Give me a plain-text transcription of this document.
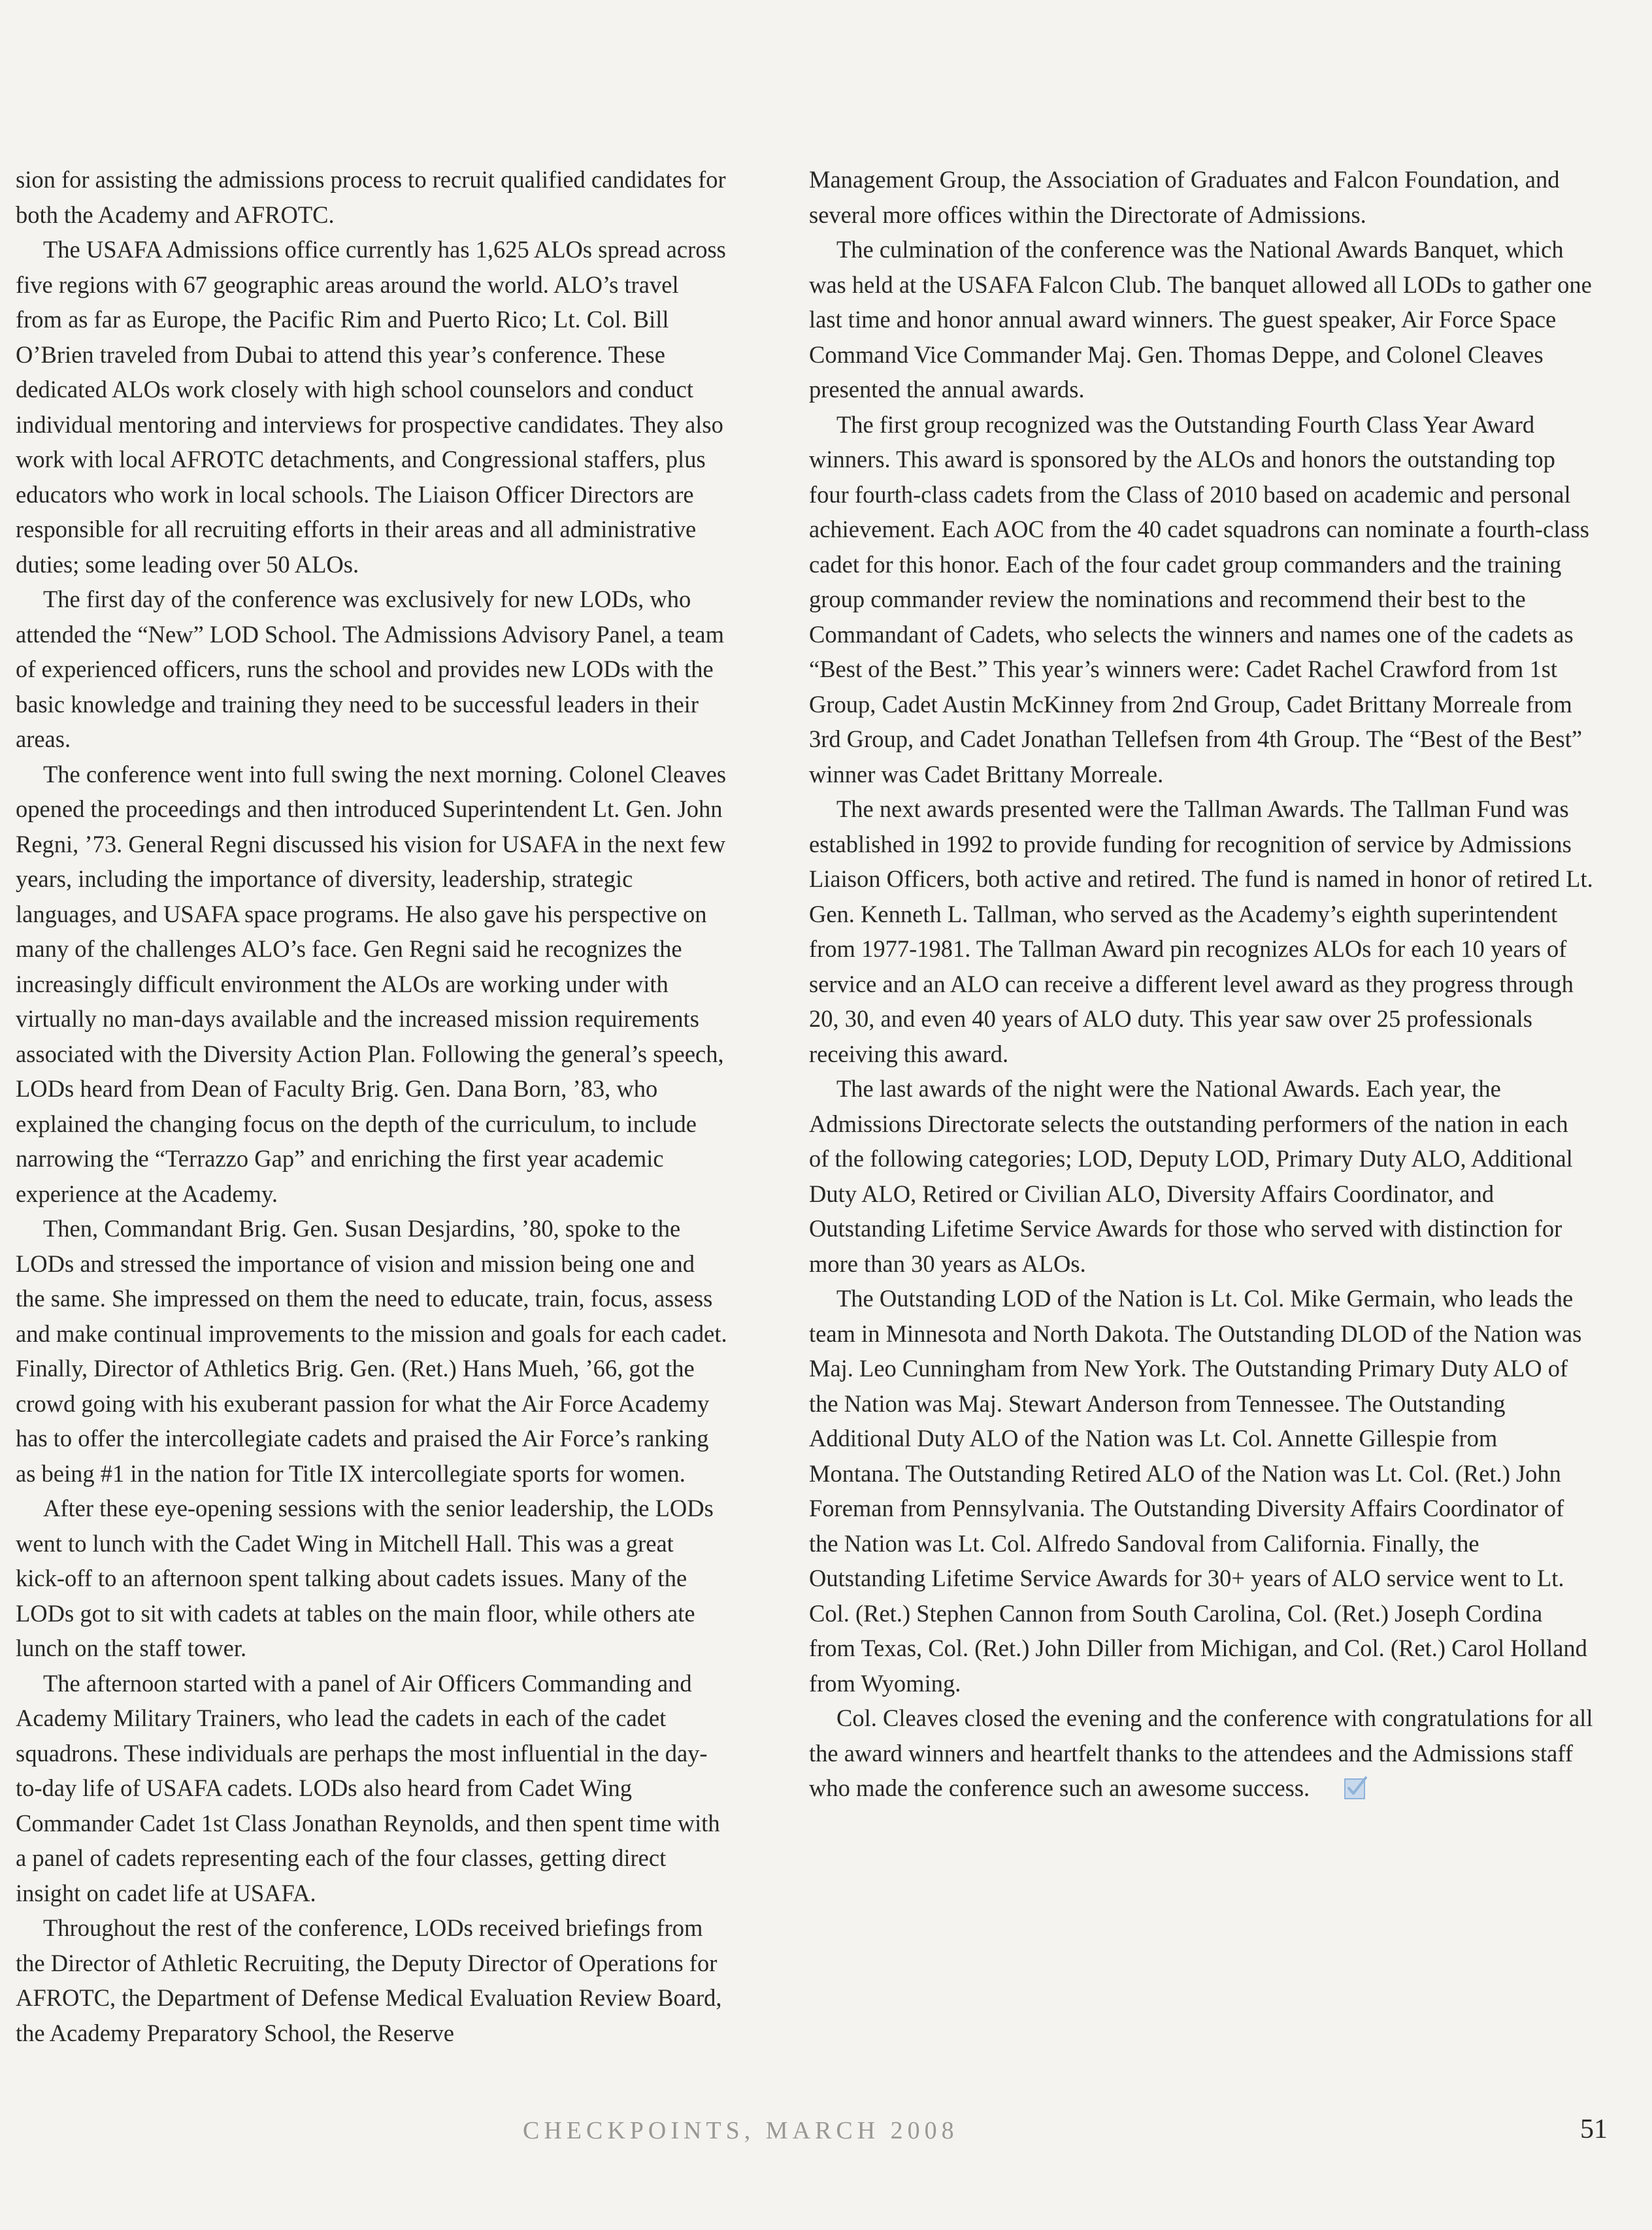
sion for assisting the admissions process to recruit qualified candidates for both the Academy and AFROTC.

The USAFA Admissions office currently has 1,625 ALOs spread across five regions with 67 geographic areas around the world. ALO’s travel from as far as Europe, the Pacific Rim and Puerto Rico; Lt. Col. Bill O’Brien traveled from Dubai to attend this year’s conference. These dedicated ALOs work closely with high school counselors and conduct individual mentoring and interviews for prospective candidates. They also work with local AFROTC detachments, and Congressional staffers, plus educators who work in local schools. The Liaison Officer Directors are responsible for all recruiting efforts in their areas and all administrative duties; some leading over 50 ALOs.

The first day of the conference was exclusively for new LODs, who attended the “New” LOD School. The Admissions Advisory Panel, a team of experienced officers, runs the school and provides new LODs with the basic knowledge and training they need to be successful leaders in their areas.

The conference went into full swing the next morning. Colonel Cleaves opened the proceedings and then introduced Superintendent Lt. Gen. John Regni, ’73. General Regni discussed his vision for USAFA in the next few years, including the importance of diversity, leadership, strategic languages, and USAFA space programs. He also gave his perspective on many of the challenges ALO’s face. Gen Regni said he recognizes the increasingly difficult environment the ALOs are working under with virtually no man-days available and the increased mission requirements associated with the Diversity Action Plan. Following the general’s speech, LODs heard from Dean of Faculty Brig. Gen. Dana Born, ’83, who explained the changing focus on the depth of the curriculum, to include narrowing the “Terrazzo Gap” and enriching the first year academic experience at the Academy.

Then, Commandant Brig. Gen. Susan Desjardins, ’80, spoke to the LODs and stressed the importance of vision and mission being one and the same. She impressed on them the need to educate, train, focus, assess and make continual improvements to the mission and goals for each cadet. Finally, Director of Athletics Brig. Gen. (Ret.) Hans Mueh, ’66, got the crowd going with his exuberant passion for what the Air Force Academy has to offer the intercollegiate cadets and praised the Air Force’s ranking as being #1 in the nation for Title IX intercollegiate sports for women.

After these eye-opening sessions with the senior leadership, the LODs went to lunch with the Cadet Wing in Mitchell Hall. This was a great kick-off to an afternoon spent talking about cadets issues. Many of the LODs got to sit with cadets at tables on the main floor, while others ate lunch on the staff tower.

The afternoon started with a panel of Air Officers Commanding and Academy Military Trainers, who lead the cadets in each of the cadet squadrons. These individuals are perhaps the most influential in the day-to-day life of USAFA cadets. LODs also heard from Cadet Wing Commander Cadet 1st Class Jonathan Reynolds, and then spent time with a panel of cadets representing each of the four classes, getting direct insight on cadet life at USAFA.

Throughout the rest of the conference, LODs received briefings from the Director of Athletic Recruiting, the Deputy Director of Operations for AFROTC, the Department of Defense Medical Evaluation Review Board, the Academy Preparatory School, the Reserve

Management Group, the Association of Graduates and Falcon Foundation, and several more offices within the Directorate of Admissions.

The culmination of the conference was the National Awards Banquet, which was held at the USAFA Falcon Club. The banquet allowed all LODs to gather one last time and honor annual award winners. The guest speaker, Air Force Space Command Vice Commander Maj. Gen. Thomas Deppe, and Colonel Cleaves presented the annual awards.

The first group recognized was the Outstanding Fourth Class Year Award winners. This award is sponsored by the ALOs and honors the outstanding top four fourth-class cadets from the Class of 2010 based on academic and personal achievement. Each AOC from the 40 cadet squadrons can nominate a fourth-class cadet for this honor. Each of the four cadet group commanders and the training group commander review the nominations and recommend their best to the Commandant of Cadets, who selects the winners and names one of the cadets as “Best of the Best.” This year’s winners were: Cadet Rachel Crawford from 1st Group, Cadet Austin McKinney from 2nd Group, Cadet Brittany Morreale from 3rd Group, and Cadet Jonathan Tellefsen from 4th Group. The “Best of the Best” winner was Cadet Brittany Morreale.

The next awards presented were the Tallman Awards. The Tallman Fund was established in 1992 to provide funding for recognition of service by Admissions Liaison Officers, both active and retired. The fund is named in honor of retired Lt. Gen. Kenneth L. Tallman, who served as the Academy’s eighth superintendent from 1977-1981. The Tallman Award pin recognizes ALOs for each 10 years of service and an ALO can receive a different level award as they progress through 20, 30, and even 40 years of ALO duty. This year saw over 25 professionals receiving this award.

The last awards of the night were the National Awards. Each year, the Admissions Directorate selects the outstanding performers of the nation in each of the following categories; LOD, Deputy LOD, Primary Duty ALO, Additional Duty ALO, Retired or Civilian ALO, Diversity Affairs Coordinator, and Outstanding Lifetime Service Awards for those who served with distinction for more than 30 years as ALOs.

The Outstanding LOD of the Nation is Lt. Col. Mike Germain, who leads the team in Minnesota and North Dakota. The Outstanding DLOD of the Nation was Maj. Leo Cunningham from New York. The Outstanding Primary Duty ALO of the Nation was Maj. Stewart Anderson from Tennessee. The Outstanding Additional Duty ALO of the Nation was Lt. Col. Annette Gillespie from Montana. The Outstanding Retired ALO of the Nation was Lt. Col. (Ret.) John Foreman from Pennsylvania. The Outstanding Diversity Affairs Coordinator of the Nation was Lt. Col. Alfredo Sandoval from California. Finally, the Outstanding Lifetime Service Awards for 30+ years of ALO service went to Lt. Col. (Ret.) Stephen Cannon from South Carolina, Col. (Ret.) Joseph Cordina from Texas, Col. (Ret.) John Diller from Michigan, and Col. (Ret.) Carol Holland from Wyoming.

Col. Cleaves closed the evening and the conference with congratulations for all the award winners and heartfelt thanks to the attendees and the Admissions staff who made the conference such an awesome success.

CHECKPOINTS, MARCH 2008	51
